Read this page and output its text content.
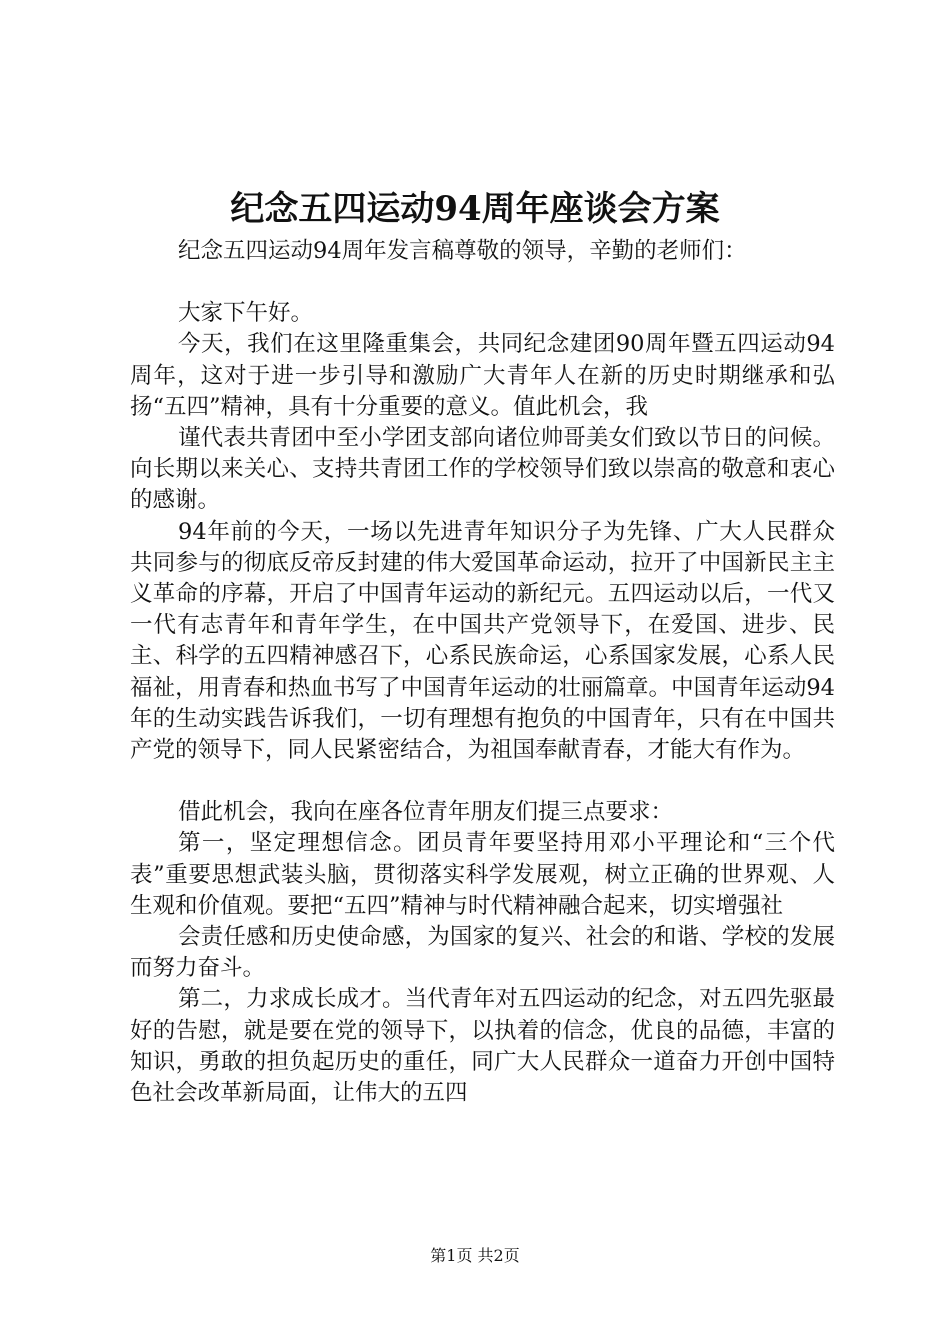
纪念五四运动94周年座谈会方案

纪念五四运动94周年发言稿尊敬的领导，辛勤的老师们：

大家下午好。

今天，我们在这里隆重集会，共同纪念建团90周年暨五四运动94周年，这对于进一步引导和激励广大青年人在新的历史时期继承和弘扬“五四”精神，具有十分重要的意义。值此机会，我

谨代表共青团中至小学团支部向诸位帅哥美女们致以节日的问候。向长期以来关心、支持共青团工作的学校领导们致以崇高的敬意和衷心的感谢。

94年前的今天，一场以先进青年知识分子为先锋、广大人民群众共同参与的彻底反帝反封建的伟大爱国革命运动，拉开了中国新民主主义革命的序幕，开启了中国青年运动的新纪元。五四运动以后，一代又一代有志青年和青年学生，在中国共产党领导下，在爱国、进步、民主、科学的五四精神感召下，心系民族命运，心系国家发展，心系人民福祉，用青春和热血书写了中国青年运动的壮丽篇章。中国青年运动94年的生动实践告诉我们，一切有理想有抱负的中国青年，只有在中国共产党的领导下，同人民紧密结合，为祖国奉献青春，才能大有作为。

借此机会，我向在座各位青年朋友们提三点要求：

第一，坚定理想信念。团员青年要坚持用邓小平理论和“三个代表”重要思想武装头脑，贯彻落实科学发展观，树立正确的世界观、人生观和价值观。要把“五四”精神与时代精神融合起来，切实增强社

会责任感和历史使命感，为国家的复兴、社会的和谐、学校的发展而努力奋斗。

第二，力求成长成才。当代青年对五四运动的纪念，对五四先驱最好的告慰，就是要在党的领导下，以执着的信念，优良的品德，丰富的知识，勇敢的担负起历史的重任，同广大人民群众一道奋力开创中国特色社会改革新局面，让伟大的五四

第1页 共2页
